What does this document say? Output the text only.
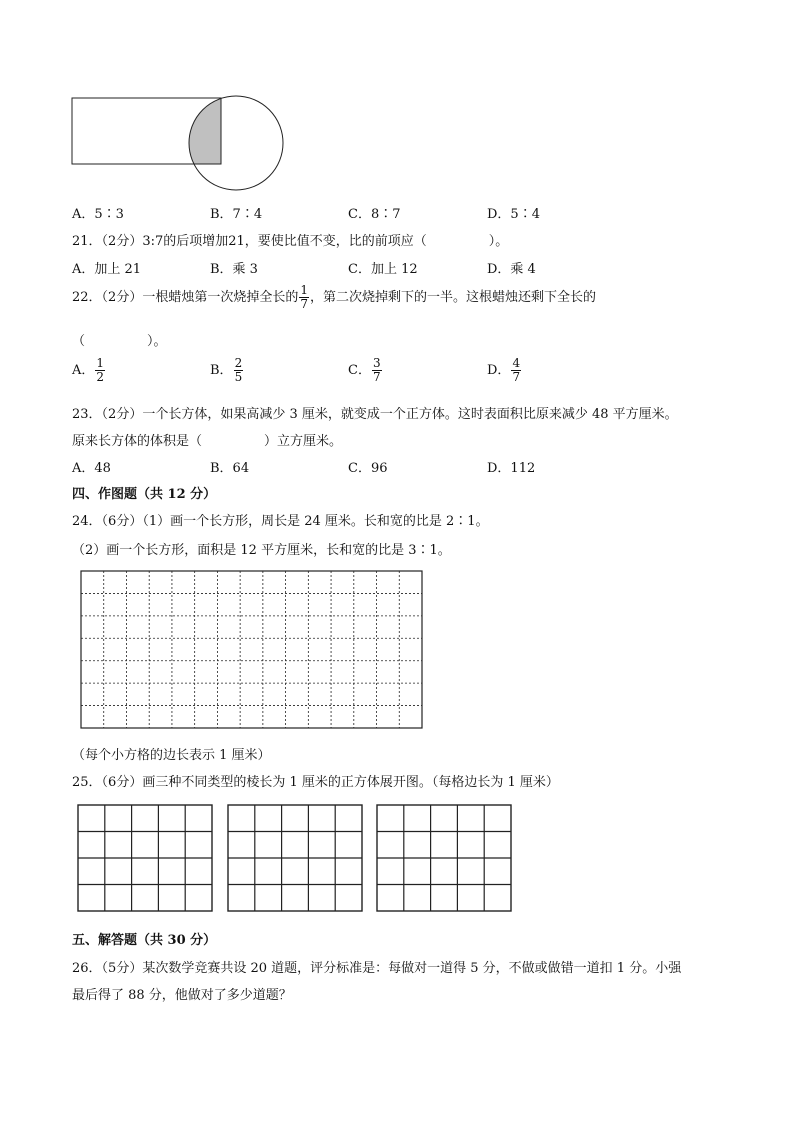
A．5∶3	B．7∶4	C．8∶7	D．5∶4
21．（2分）3:7的后项增加21，要使比值不变，比的前项应（	）。
A．加上 21	B．乘 3	C．加上 12	D．乘 4
22．（2分）一根蜡烛第一次烧掉全长的 $\frac{1}{7}$ ，第二次烧掉剩下的一半。这根蜡烛还剩下全长的
（	）。
A． $\frac{1}{2}$	B． $\frac{2}{5}$	C． $\frac{3}{7}$	D． $\frac{4}{7}$
23．（2分）一个长方体，如果高减少 3 厘米，就变成一个正方体。这时表面积比原来减少 48 平方厘米。
原来长方体的体积是（	）立方厘米。
A．48	B．64	C．96	D．112
四、作图题（共 12 分）
24．（6分）（1）画一个长方形，周长是 24 厘米。长和宽的比是 2∶1。
（2）画一个长方形，面积是 12 平方厘米，长和宽的比是 3∶1。
（每个小方格的边长表示 1 厘米）
25．（6分）画三种不同类型的棱长为 1 厘米的正方体展开图。（每格边长为 1 厘米）
五、解答题（共 30 分）
26．（5分）某次数学竞赛共设 20 道题，评分标准是：每做对一道得 5 分，不做或做错一道扣 1 分。小强
最后得了 88 分，他做对了多少道题？
